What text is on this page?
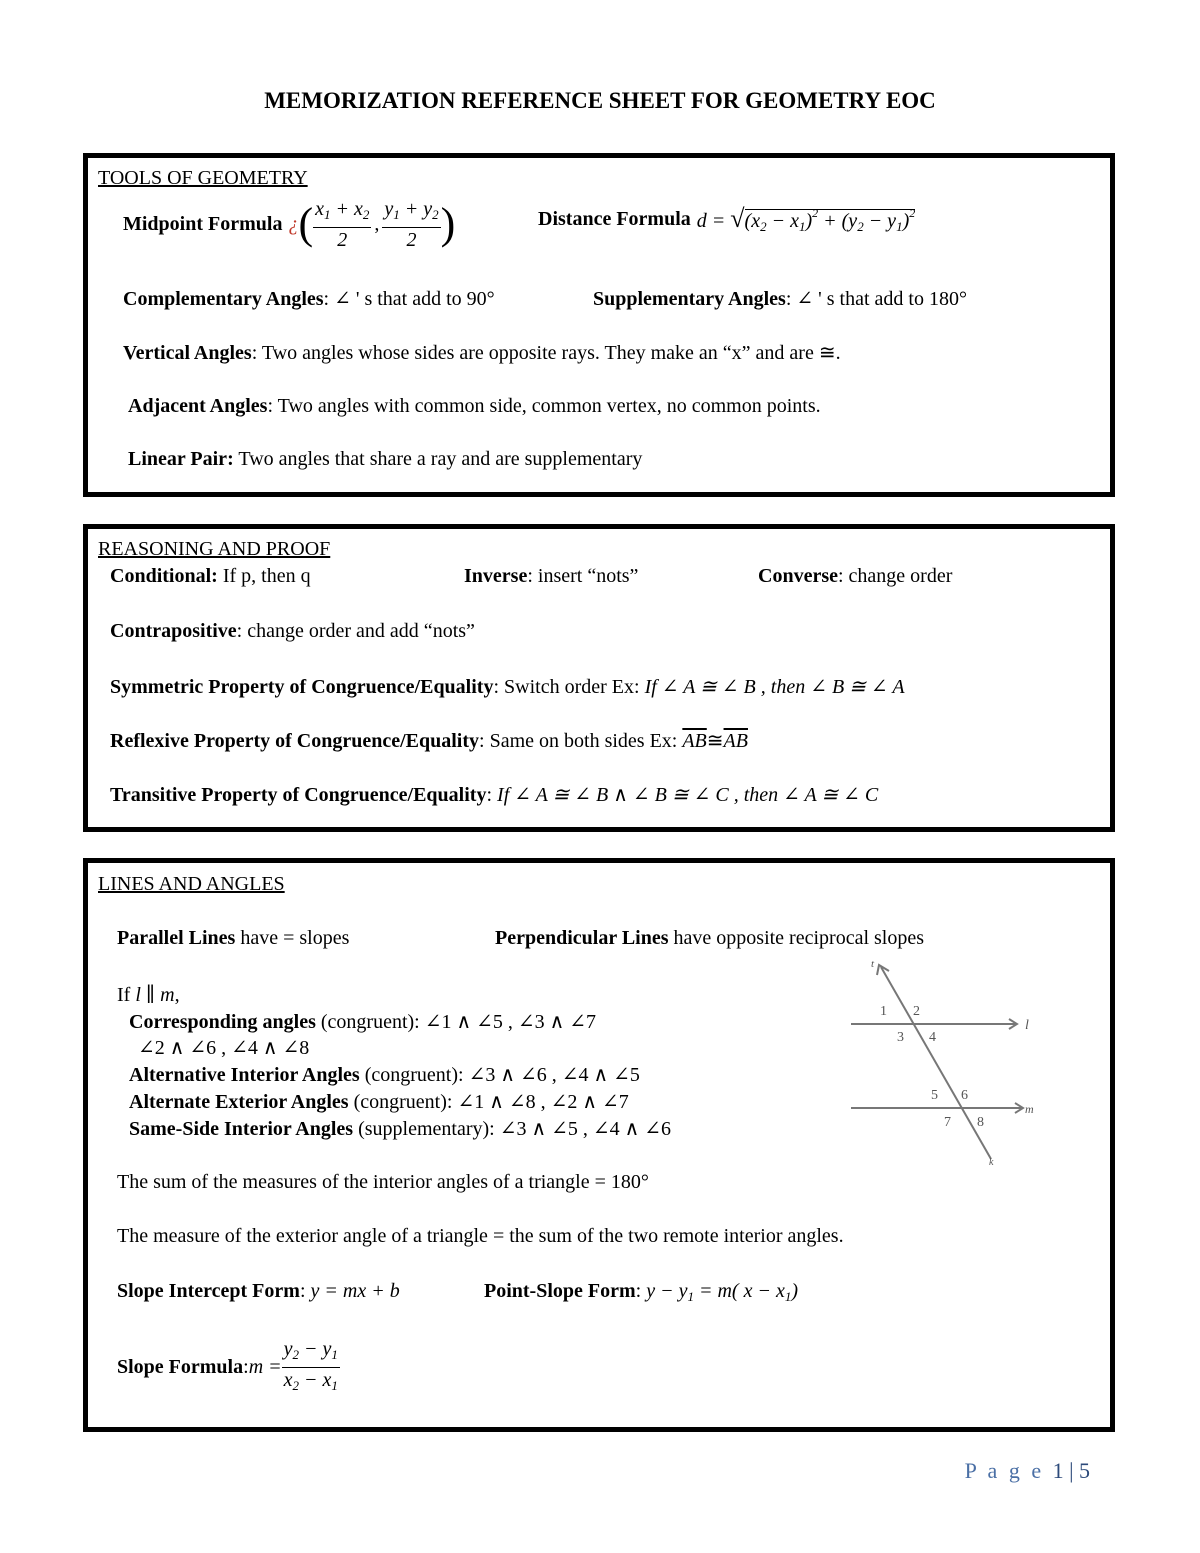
MEMORIZATION REFERENCE SHEET FOR GEOMETRY EOC
TOOLS OF GEOMETRY
Midpoint Formula ¿ ( $\frac{x_1 + x_2}{2}$ , $\frac{y_1 + y_2}{2}$ )	Distance Formula $d = √(x_2 - x_1)^2 + (y_2 - y_1)^2$
Complementary Angles: ∠ ' s that add to 90°	Supplementary Angles: ∠ ' s that add to 180°
Vertical Angles: Two angles whose sides are opposite rays. They make an “x” and are ≅.
Adjacent Angles: Two angles with common side, common vertex, no common points.
Linear Pair: Two angles that share a ray and are supplementary
REASONING AND PROOF
Conditional: If p, then q	Inverse: insert “nots”	Converse: change order
Contrapositive: change order and add “nots”
Symmetric Property of Congruence/Equality: Switch order Ex: If ∠ A ≅ ∠ B , then ∠ B ≅ ∠ A
Reflexive Property of Congruence/Equality: Same on both sides Ex: $\overline{AB}≅\overline{AB}$
Transitive Property of Congruence/Equality: If ∠ A ≅ ∠ B ∧ ∠ B ≅ ∠ C , then ∠ A ≅ ∠ C
LINES AND ANGLES
Parallel Lines have = slopes	Perpendicular Lines have opposite reciprocal slopes
If l ∥ m,
Corresponding angles (congruent): ∠1 ∧ ∠5 , ∠3 ∧ ∠7
∠2 ∧ ∠6 , ∠4 ∧ ∠8
Alternative Interior Angles (congruent): ∠3 ∧ ∠6 , ∠4 ∧ ∠5
Alternate Exterior Angles (congruent): ∠1 ∧ ∠8 , ∠2 ∧ ∠7
Same-Side Interior Angles (supplementary): ∠3 ∧ ∠5 , ∠4 ∧ ∠6
The sum of the measures of the interior angles of a triangle = 180°
The measure of the exterior angle of a triangle = the sum of the two remote interior angles.
Slope Intercept Form: y = mx + b	Point-Slope Form: $y - y_1 = m$( $x - x_1$)
Slope Formula : $m = \frac{y_2 - y_1}{x_2 - x_1}$
1 2
3 4
5 6
7 8
l
m
t
k
P a g e 1 | 5
